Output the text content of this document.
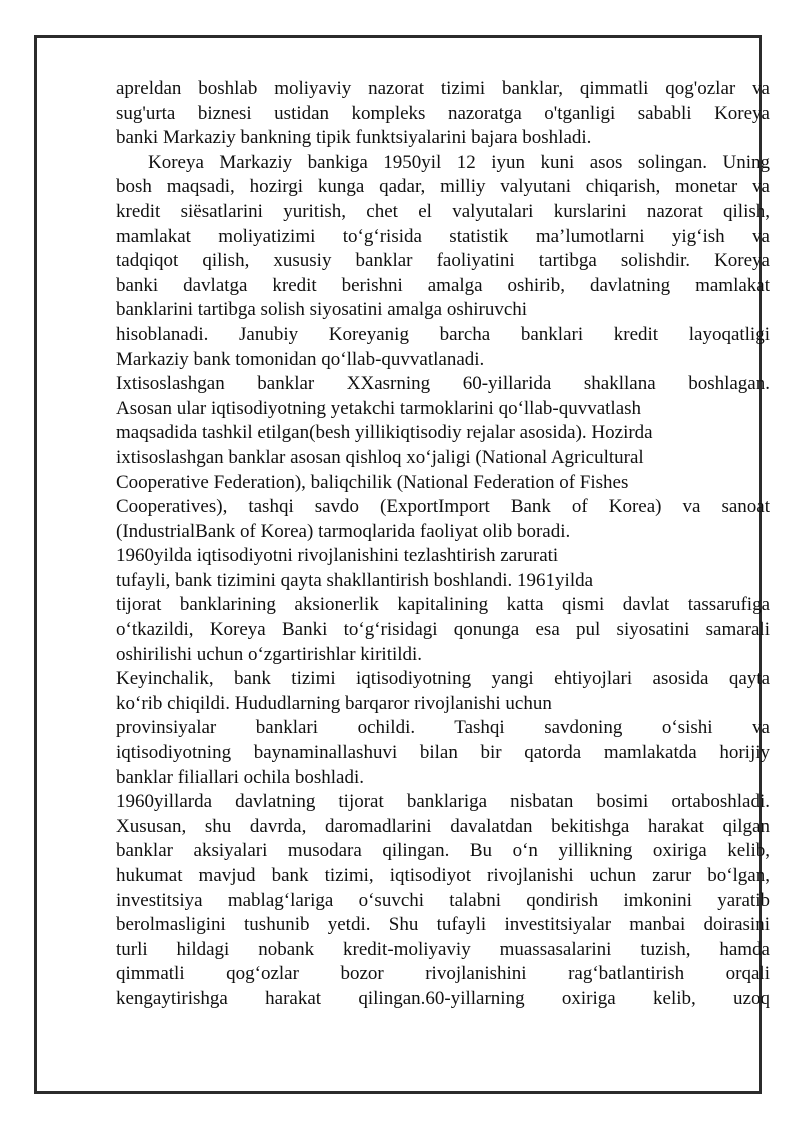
apreldan boshlab moliyaviy nazorat tizimi banklar, qimmatli qog'ozlar va
sug'urta biznesi ustidan kompleks nazoratga o'tganligi sababli Koreya
banki Markaziy bankning tipik funktsiyalarini bajara boshladi.
Koreya Markaziy bankiga 1950yil 12 iyun kuni asos solingan. Uning
bosh maqsadi, hozirgi kunga qadar, milliy valyutani chiqarish, monetar va
kredit siësatlarini yuritish, chet el valyutalari kurslarini nazorat qilish,
mamlakat moliyatizimi to‘g‘risida statistik ma’lumotlarni yig‘ish va
tadqiqot qilish, xususiy banklar faoliyatini tartibga solishdir. Koreya
banki davlatga kredit berishni amalga oshirib, davlatning mamlakat
banklarini tartibga solish siyosatini amalga oshiruvchi
hisoblanadi. Janubiy Koreyanig barcha banklari kredit layoqatligi
Markaziy bank tomonidan qo‘llab-quvvatlanadi.
Ixtisoslashgan banklar XXasrning 60-yillarida shakllana boshlagan.
Asosan ular iqtisodiyotning yetakchi tarmoklarini qo‘llab-quvvatlash
maqsadida tashkil etilgan(besh yillikiqtisodiy rejalar asosida). Hozirda
ixtisoslashgan banklar asosan qishloq xo‘jaligi (National Agricultural
Cooperative Federation), baliqchilik (National Federation of Fishes
Cooperatives), tashqi savdo (ExportImport Bank of Korea) va sanoat
(IndustrialBank of Korea) tarmoqlarida faoliyat olib boradi.
1960yilda iqtisodiyotni rivojlanishini tezlashtirish zarurati
tufayli, bank tizimini qayta shakllantirish boshlandi. 1961yilda
tijorat banklarining aksionerlik kapitalining katta qismi davlat tassarufiga
o‘tkazildi, Koreya Banki to‘g‘risidagi qonunga esa pul siyosatini samarali
oshirilishi uchun o‘zgartirishlar kiritildi.
Keyinchalik, bank tizimi iqtisodiyotning yangi ehtiyojlari asosida qayta
ko‘rib chiqildi. Hududlarning barqaror rivojlanishi uchun
provinsiyalar banklari ochildi. Tashqi savdoning o‘sishi va
iqtisodiyotning baynaminallashuvi bilan bir qatorda mamlakatda horijiy
banklar filiallari ochila boshladi.
1960yillarda davlatning tijorat banklariga nisbatan bosimi ortaboshladi.
Xususan, shu davrda, daromadlarini davalatdan bekitishga harakat qilgan
banklar aksiyalari musodara qilingan. Bu o‘n yillikning oxiriga kelib,
hukumat mavjud bank tizimi, iqtisodiyot rivojlanishi uchun zarur bo‘lgan,
investitsiya mablag‘lariga o‘suvchi talabni qondirish imkonini yaratib
berolmasligini tushunib yetdi. Shu tufayli investitsiyalar manbai doirasini
turli hildagi nobank kredit-moliyaviy muassasalarini tuzish, hamda
qimmatli qog‘ozlar bozor rivojlanishini rag‘batlantirish orqali
kengaytirishga harakat qilingan.60-yillarning oxiriga kelib, uzoq
